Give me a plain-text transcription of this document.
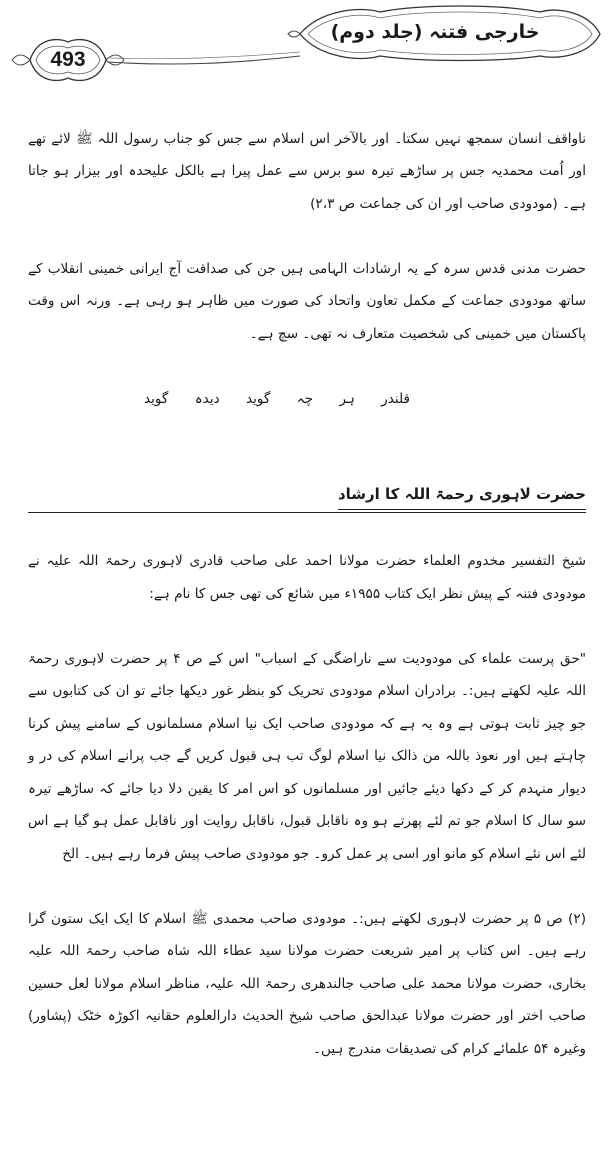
493
خارجی فتنہ (جلد دوم)

ناواقف انسان سمجھ نہیں سکتا۔ اور بالآخر اس اسلام سے جس کو جناب رسول اللہ ﷺ لائے تھے اور اُمت محمدیہ جس پر ساڑھے تیرہ سو برس سے عمل پیرا ہے بالکل علیحدہ اور بیزار ہو جاتا ہے۔ (مودودی صاحب اور ان کی جماعت ص ۲،۳)

حضرت مدنی قدس سرہ کے یہ ارشادات الہامی ہیں جن کی صداقت آج ایرانی خمینی انقلاب کے ساتھ مودودی جماعت کے مکمل تعاون واتحاد کی صورت میں ظاہر ہو رہی ہے۔ ورنہ اس وقت پاکستان میں خمینی کی شخصیت متعارف نہ تھی۔ سچ ہے۔

قلندر ہر چہ گوید دیدہ گوید

حضرت لاہوری رحمۃ اللہ کا ارشاد

شیخ التفسیر مخدوم العلماء حضرت مولانا احمد علی صاحب قادری لاہوری رحمۃ اللہ علیہ نے مودودی فتنہ کے پیش نظر ایک کتاب ۱۹۵۵ء میں شائع کی تھی جس کا نام ہے:

"حق پرست علماء کی مودودیت سے ناراضگی کے اسباب" اس کے ص ۴ پر حضرت لاہوری رحمۃ اللہ علیہ لکھتے ہیں:۔ برادران اسلام مودودی تحریک کو بنظر غور دیکھا جائے تو ان کی کتابوں سے جو چیز ثابت ہوتی ہے وہ یہ ہے کہ مودودی صاحب ایک نیا اسلام مسلمانوں کے سامنے پیش کرنا چاہتے ہیں اور نعوذ باللہ من ذالک نیا اسلام لوگ تب ہی قبول کریں گے جب پرانے اسلام کی در و دیوار منہدم کر کے دکھا دیئے جائیں اور مسلمانوں کو اس امر کا یقین دلا دیا جائے کہ ساڑھے تیرہ سو سال کا اسلام جو تم لئے پھرتے ہو وہ ناقابل قبول، ناقابل روایت اور ناقابل عمل ہو گیا ہے اس لئے اس نئے اسلام کو مانو اور اسی پر عمل کرو۔ جو مودودی صاحب پیش فرما رہے ہیں۔ الخ

(۲) ص ۵ پر حضرت لاہوری لکھتے ہیں:۔ مودودی صاحب محمدی ﷺ اسلام کا ایک ایک ستون گرا رہے ہیں۔ اس کتاب پر امیر شریعت حضرت مولانا سید عطاء اللہ شاہ صاحب رحمۃ اللہ علیہ بخاری، حضرت مولانا محمد علی صاحب جالندھری رحمۃ اللہ علیہ، مناظر اسلام مولانا لعل حسین صاحب اختر اور حضرت مولانا عبدالحق صاحب شیخ الحدیث دارالعلوم حقانیہ اکوڑہ خٹک (پشاور) وغیرہ ۵۴ علمائے کرام کی تصدیقات مندرج ہیں۔
